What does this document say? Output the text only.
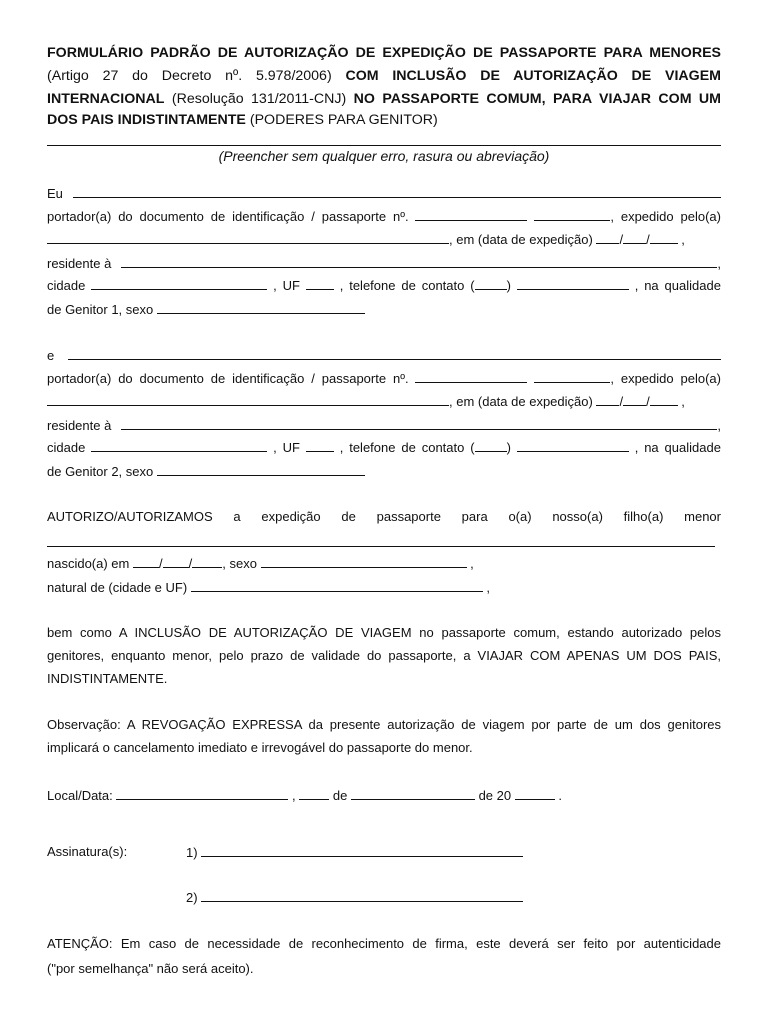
FORMULÁRIO PADRÃO DE AUTORIZAÇÃO DE EXPEDIÇÃO DE PASSAPORTE PARA MENORES
(Artigo 27 do Decreto nº. 5.978/2006) COM INCLUSÃO DE AUTORIZAÇÃO DE VIAGEM
INTERNACIONAL (Resolução 131/2011-CNJ) NO PASSAPORTE COMUM, PARA VIAJAR COM UM
DOS PAIS INDISTINTAMENTE (PODERES PARA GENITOR)
(Preencher sem qualquer erro, rasura ou abreviação)
Eu
portador(a) do documento de identificação / passaporte nº.	, expedido pelo(a)
, em (data de expedição)
/ /
,
residente à	,
cidade	, UF	, telefone de contato ( )	, na qualidade
de Genitor 1, sexo
e
portador(a) do documento de identificação / passaporte nº.	, expedido pelo(a)
, em (data de expedição)
/ /
,
residente à	,
cidade	, UF	, telefone de contato ( )	, na qualidade
de Genitor 2, sexo
AUTORIZO/AUTORIZAMOS a expedição de passaporte para o(a) nosso(a) filho(a) menor
nascido(a) em / / , sexo	,
natural de (cidade e UF)	,
bem como A INCLUSÃO DE AUTORIZAÇÃO DE VIAGEM no passaporte comum, estando autorizado pelos
genitores, enquanto menor, pelo prazo de validade do passaporte, a VIAJAR COM APENAS UM DOS PAIS,
INDISTINTAMENTE.
Observação: A REVOGAÇÃO EXPRESSA da presente autorização de viagem por parte de um dos genitores
implicará o cancelamento imediato e irrevogável do passaporte do menor.
Local/Data:	,	de	de 20	.
Assinatura(s):	1)
2)
ATENÇÃO: Em caso de necessidade de reconhecimento de firma, este deverá ser feito por autenticidade
("por semelhança" não será aceito).
